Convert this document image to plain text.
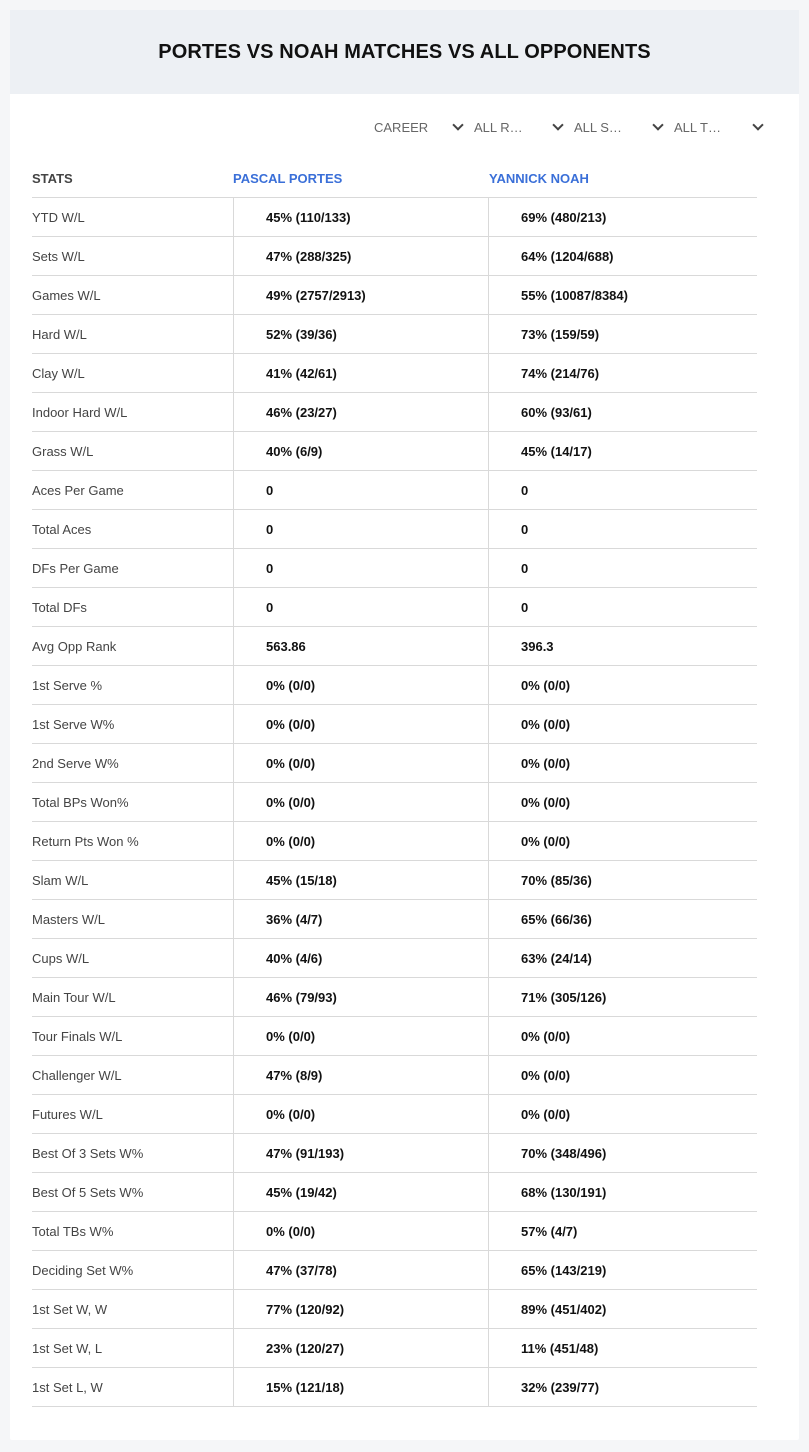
PORTES VS NOAH MATCHES VS ALL OPPONENTS
CAREER	ALL R…	ALL S…	ALL T…
STATS	PASCAL PORTES	YANNICK NOAH
YTD W/L	45% (110/133)	69% (480/213)
Sets W/L	47% (288/325)	64% (1204/688)
Games W/L	49% (2757/2913)	55% (10087/8384)
Hard W/L	52% (39/36)	73% (159/59)
Clay W/L	41% (42/61)	74% (214/76)
Indoor Hard W/L	46% (23/27)	60% (93/61)
Grass W/L	40% (6/9)	45% (14/17)
Aces Per Game	0	0
Total Aces	0	0
DFs Per Game	0	0
Total DFs	0	0
Avg Opp Rank	563.86	396.3
1st Serve %	0% (0/0)	0% (0/0)
1st Serve W%	0% (0/0)	0% (0/0)
2nd Serve W%	0% (0/0)	0% (0/0)
Total BPs Won%	0% (0/0)	0% (0/0)
Return Pts Won %	0% (0/0)	0% (0/0)
Slam W/L	45% (15/18)	70% (85/36)
Masters W/L	36% (4/7)	65% (66/36)
Cups W/L	40% (4/6)	63% (24/14)
Main Tour W/L	46% (79/93)	71% (305/126)
Tour Finals W/L	0% (0/0)	0% (0/0)
Challenger W/L	47% (8/9)	0% (0/0)
Futures W/L	0% (0/0)	0% (0/0)
Best Of 3 Sets W%	47% (91/193)	70% (348/496)
Best Of 5 Sets W%	45% (19/42)	68% (130/191)
Total TBs W%	0% (0/0)	57% (4/7)
Deciding Set W%	47% (37/78)	65% (143/219)
1st Set W, W	77% (120/92)	89% (451/402)
1st Set W, L	23% (120/27)	11% (451/48)
1st Set L, W	15% (121/18)	32% (239/77)
